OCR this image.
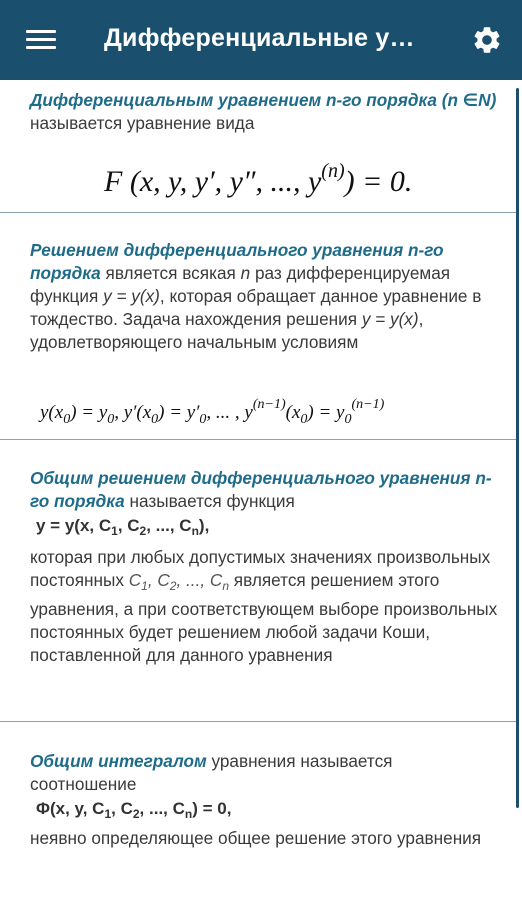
Дифференциальные у…
Дифференциальным уравнением n-го порядка (n ∈N) называется уравнение вида
F (x, y, y′, y″, ..., $y^{(n)}) = 0$.
Решением дифференциального уравнения n-го порядка является всякая n раз дифференцируемая функция y = y(x), которая обращает данное уравнение в тождество. Задача нахождения решения y = y(x), удовлетворяющего начальным условиям
$y(x_0) = y_0$, $y'(x_0) = y'_0$, ... , $y^{(n-1)}(x_0) = y_0^{(n-1)}$
Общим решением дифференциального уравнения n-го порядка называется функция
y = y(x, $C_1$, $C_2$, ..., $C_n$),
которая при любых допустимых значениях произвольных постоянных $C_1$, $C_2$, ..., $C_n$ является решением этого уравнения, а при соответствующем выборе произвольных постоянных будет решением любой задачи Коши, поставленной для данного уравнения
Общим интегралом уравнения называется соотношение
Φ(x, y, $C_1$, $C_2$, ..., $C_n) = 0$,
неявно определяющее общее решение этого уравнения
